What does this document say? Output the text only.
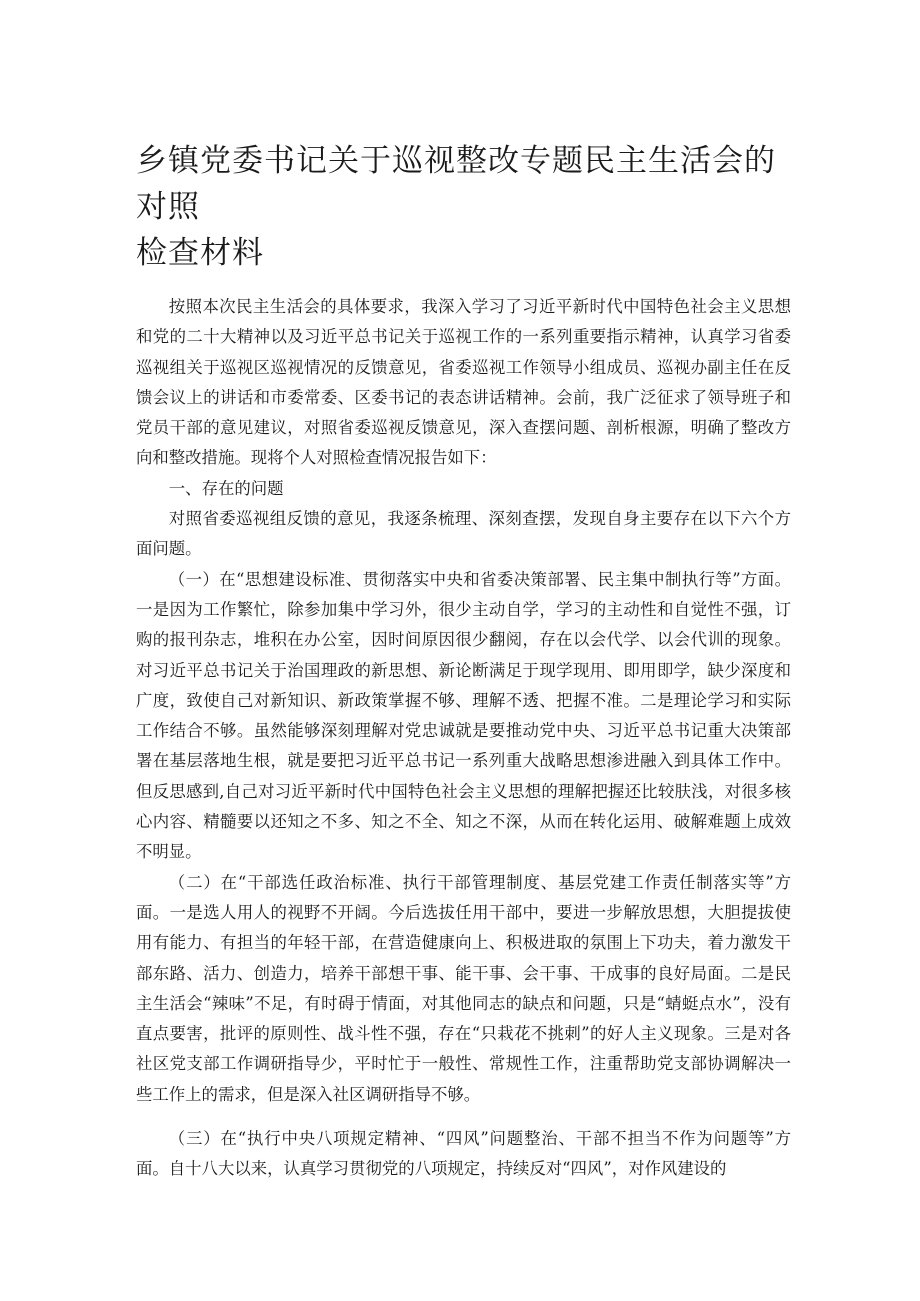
乡镇党委书记关于巡视整改专题民主生活会的对照
检查材料

按照本次民主生活会的具体要求，我深入学习了习近平新时代中国特色社会主义思想和党的二十大精神以及习近平总书记关于巡视工作的一系列重要指示精神，认真学习省委巡视组关于巡视区巡视情况的反馈意见，省委巡视工作领导小组成员、巡视办副主任在反馈会议上的讲话和市委常委、区委书记的表态讲话精神。会前，我广泛征求了领导班子和党员干部的意见建议，对照省委巡视反馈意见，深入查摆问题、剖析根源，明确了整改方向和整改措施。现将个人对照检查情况报告如下：

一、存在的问题

对照省委巡视组反馈的意见，我逐条梳理、深刻查摆，发现自身主要存在以下六个方面问题。

（一）在“思想建设标准、贯彻落实中央和省委决策部署、民主集中制执行等”方面。一是因为工作繁忙，除参加集中学习外，很少主动自学，学习的主动性和自觉性不强，订购的报刊杂志，堆积在办公室，因时间原因很少翻阅，存在以会代学、以会代训的现象。对习近平总书记关于治国理政的新思想、新论断满足于现学现用、即用即学，缺少深度和广度，致使自己对新知识、新政策掌握不够、理解不透、把握不准。二是理论学习和实际工作结合不够。虽然能够深刻理解对党忠诚就是要推动党中央、习近平总书记重大决策部署在基层落地生根，就是要把习近平总书记一系列重大战略思想渗进融入到具体工作中。但反思感到,自己对习近平新时代中国特色社会主义思想的理解把握还比较肤浅，对很多核心内容、精髓要以还知之不多、知之不全、知之不深，从而在转化运用、破解难题上成效不明显。

（二）在“干部选任政治标准、执行干部管理制度、基层党建工作责任制落实等”方面。一是选人用人的视野不开阔。今后选拔任用干部中，要进一步解放思想，大胆提拔使用有能力、有担当的年轻干部，在营造健康向上、积极进取的氛围上下功夫，着力激发干部东路、活力、创造力，培养干部想干事、能干事、会干事、干成事的良好局面。二是民主生活会“辣味”不足，有时碍于情面，对其他同志的缺点和问题，只是“蜻蜓点水”，没有直点要害，批评的原则性、战斗性不强，存在“只栽花不挑刺”的好人主义现象。三是对各社区党支部工作调研指导少，平时忙于一般性、常规性工作，注重帮助党支部协调解决一些工作上的需求，但是深入社区调研指导不够。

（三）在“执行中央八项规定精神、“四风”问题整治、干部不担当不作为问题等”方面。自十八大以来，认真学习贯彻党的八项规定，持续反对“四风”，对作风建设的
